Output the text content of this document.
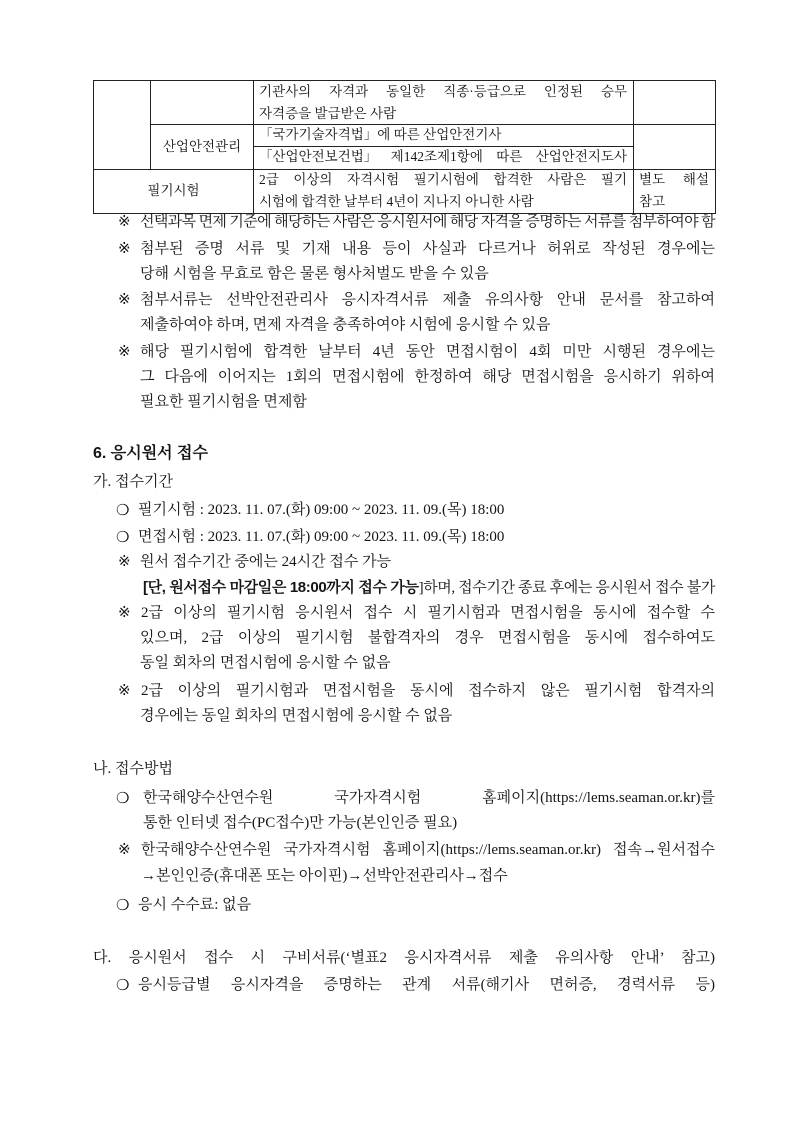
기관사의 자격과 동일한 직종·등급으로 인정된 승무
자격증을 발급받은 사람
산업안전관리
「국가기술자격법」에 따른 산업안전기사
「산업안전보건법」 제142조제1항에 따른 산업안전지도사
필기시험
2급 이상의 자격시험 필기시험에 합격한 사람은 필기
시험에 합격한 날부터 4년이 지나지 아니한 사람
별도 해설
참고
※ 선택과목 면제 기준에 해당하는 사람은 응시원서에 해당 자격을 증명하는 서류를 첨부하여야 함
※ 첨부된 증명 서류 및 기재 내용 등이 사실과 다르거나 허위로 작성된 경우에는
당해 시험을 무효로 함은 물론 형사처벌도 받을 수 있음
※ 첨부서류는 선박안전관리사 응시자격서류 제출 유의사항 안내 문서를 참고하여
제출하여야 하며, 면제 자격을 충족하여야 시험에 응시할 수 있음
※ 해당 필기시험에 합격한 날부터 4년 동안 면접시험이 4회 미만 시행된 경우에는
그 다음에 이어지는 1회의 면접시험에 한정하여 해당 면접시험을 응시하기 위하여
필요한 필기시험을 면제함
6. 응시원서 접수
가. 접수기간
❍ 필기시험 : 2023. 11. 07.(화) 09:00 ~ 2023. 11. 09.(목) 18:00
❍ 면접시험 : 2023. 11. 07.(화) 09:00 ~ 2023. 11. 09.(목) 18:00
※ 원서 접수기간 중에는 24시간 접수 가능
[단, 원서접수 마감일은 18:00까지 접수 가능]하며, 접수기간 종료 후에는 응시원서 접수 불가
※ 2급 이상의 필기시험 응시원서 접수 시 필기시험과 면접시험을 동시에 접수할 수
있으며, 2급 이상의 필기시험 불합격자의 경우 면접시험을 동시에 접수하여도
동일 회차의 면접시험에 응시할 수 없음
※ 2급 이상의 필기시험과 면접시험을 동시에 접수하지 않은 필기시험 합격자의
경우에는 동일 회차의 면접시험에 응시할 수 없음
나. 접수방법
❍ 한국해양수산연수원 국가자격시험 홈페이지(https://lems.seaman.or.kr)를
통한 인터넷 접수(PC접수)만 가능(본인인증 필요)
※ 한국해양수산연수원 국가자격시험 홈페이지(https://lems.seaman.or.kr) 접속→원서접수
→본인인증(휴대폰 또는 아이핀)→선박안전관리사→접수
❍ 응시 수수료: 없음
다. 응시원서 접수 시 구비서류(‘별표2 응시자격서류 제출 유의사항 안내’ 참고)
❍ 응시등급별 응시자격을 증명하는 관계 서류(해기사 면허증, 경력서류 등)
